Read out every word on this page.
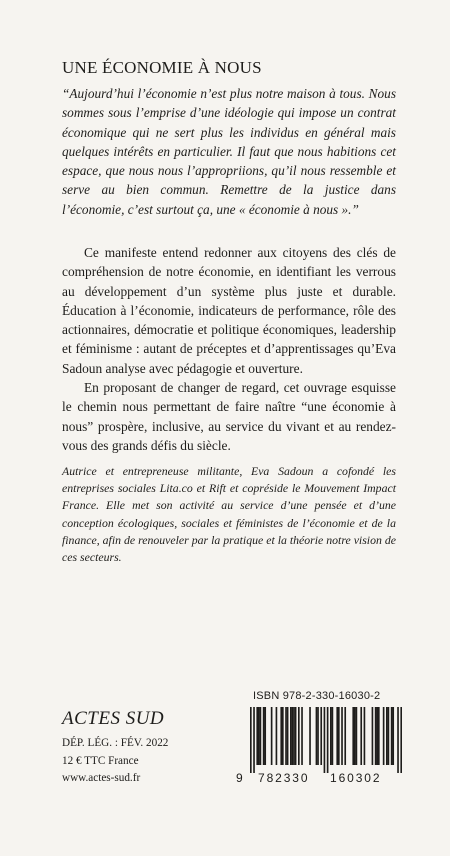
UNE ÉCONOMIE À NOUS

“Aujourd’hui l’économie n’est plus notre maison à tous. Nous sommes sous l’emprise d’une idéologie qui impose un contrat économique qui ne sert plus les individus en général mais quelques intérêts en particulier. Il faut que nous habitions cet espace, que nous nous l’appropriions, qu’il nous ressemble et serve au bien commun. Remettre de la justice dans l’économie, c’est surtout ça, une « économie à nous ».”

Ce manifeste entend redonner aux citoyens des clés de compréhension de notre économie, en identifiant les verrous au développement d’un système plus juste et durable. Éducation à l’économie, indicateurs de performance, rôle des actionnaires, démocratie et politique économiques, leadership et féminisme : autant de préceptes et d’apprentissages qu’Eva Sadoun analyse avec pédagogie et ouverture.

En proposant de changer de regard, cet ouvrage esquisse le chemin nous permettant de faire naître “une économie à nous” prospère, inclusive, au service du vivant et au rendez-vous des grands défis du siècle.

Autrice et entrepreneuse militante, Eva Sadoun a cofondé les entreprises sociales Lita.co et Rift et copréside le Mouvement Impact France. Elle met son activité au service d’une pensée et d’une conception écologiques, sociales et féministes de l’économie et de la finance, afin de renouveler par la pratique et la théorie notre vision de ces secteurs.

ACTES SUD
DÉP. LÉG. : FÉV. 2022
12 € TTC France
www.actes-sud.fr
ISBN 978-2-330-16030-2
9 782330 160302
